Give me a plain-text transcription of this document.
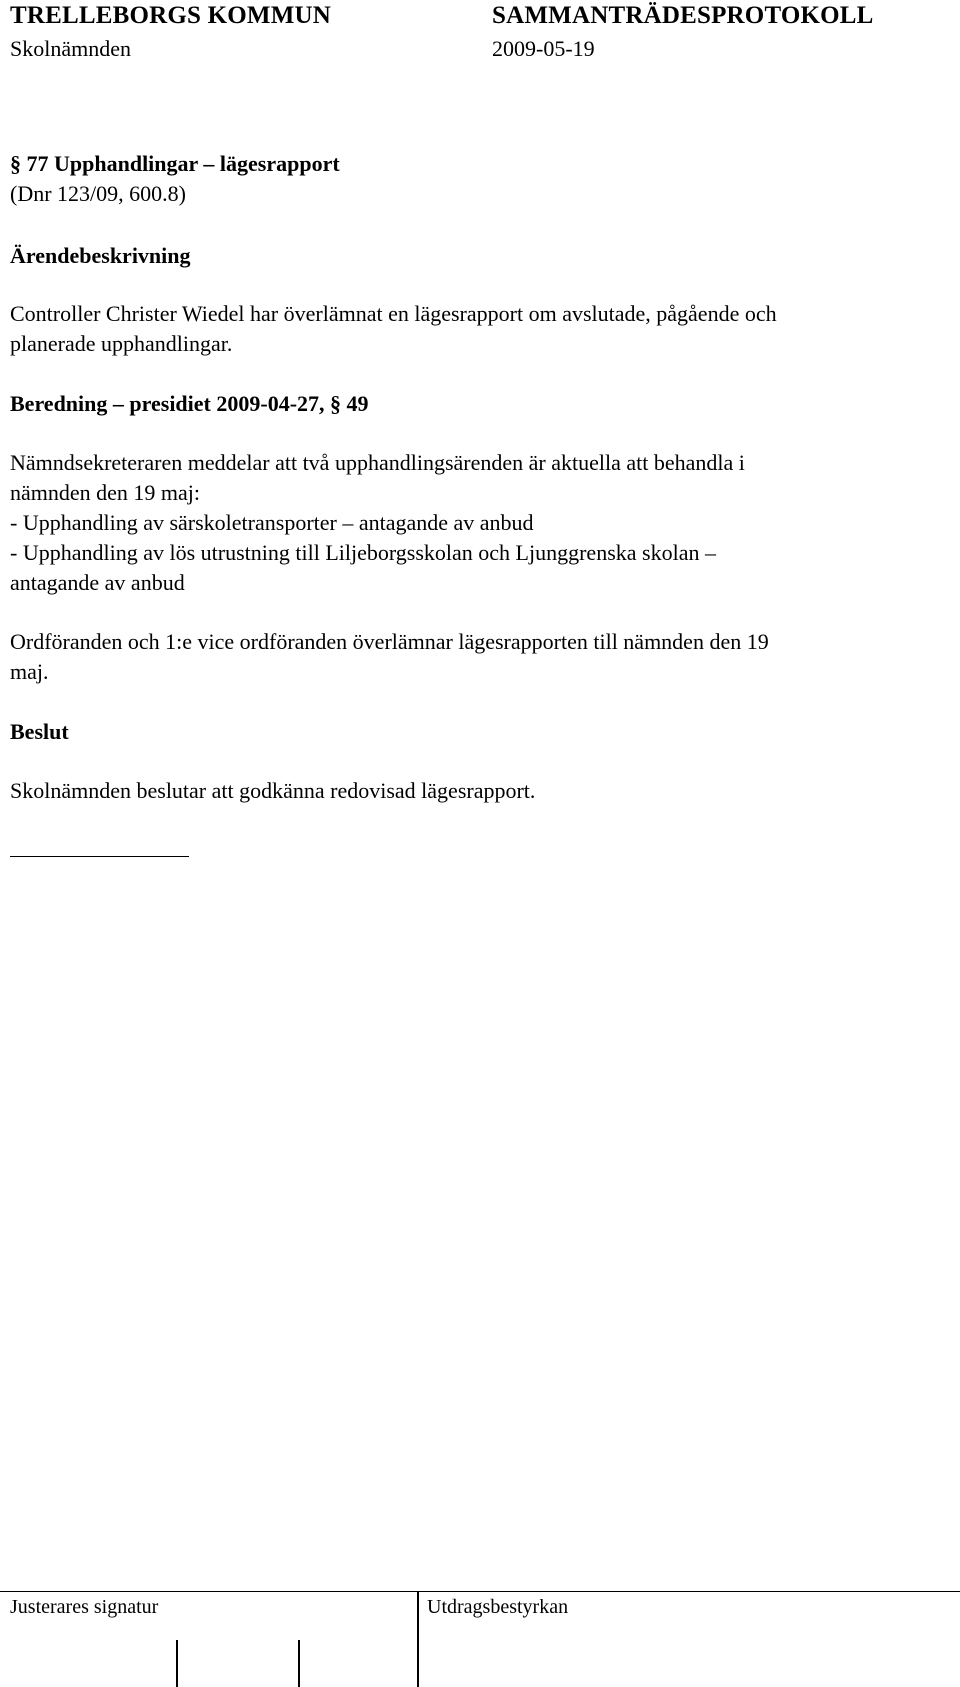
TRELLEBORGS KOMMUN	SAMMANTRÄDESPROTOKOLL
Skolnämnden	2009-05-19
§ 77 Upphandlingar – lägesrapport
(Dnr 123/09, 600.8)
Ärendebeskrivning
Controller Christer Wiedel har överlämnat en lägesrapport om avslutade, pågående och
planerade upphandlingar.
Beredning – presidiet 2009-04-27, § 49
Nämndsekreteraren meddelar att två upphandlingsärenden är aktuella att behandla i
nämnden den 19 maj:
- Upphandling av särskoletransporter – antagande av anbud
- Upphandling av lös utrustning till Liljeborgsskolan och Ljunggrenska skolan –
antagande av anbud
Ordföranden och 1:e vice ordföranden överlämnar lägesrapporten till nämnden den 19
maj.
Beslut
Skolnämnden beslutar att godkänna redovisad lägesrapport.
Justerares signatur	Utdragsbestyrkan
